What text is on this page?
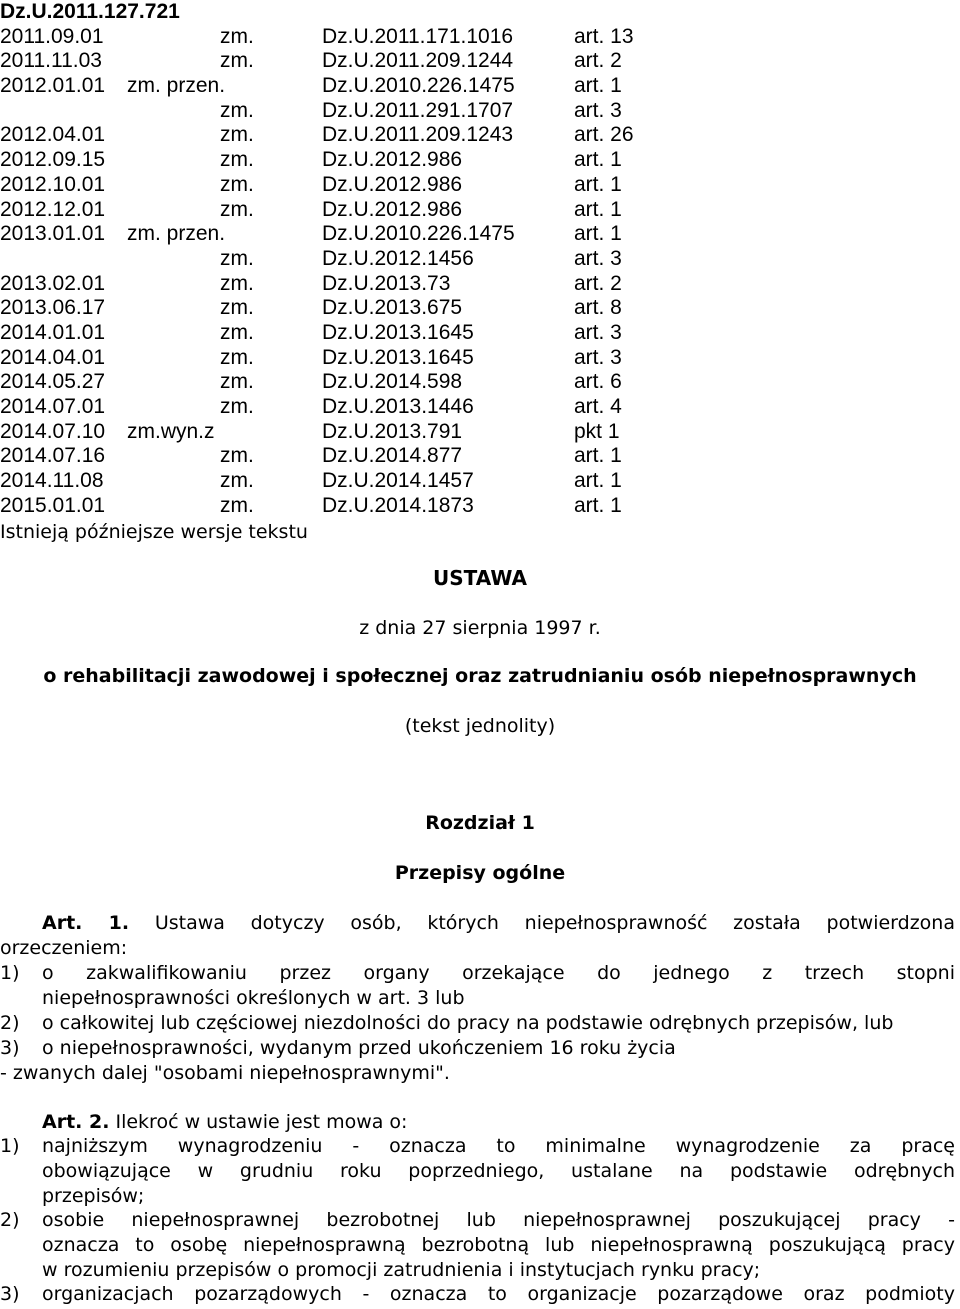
Dz.U.2011.127.721
2011.09.01	zm.	Dz.U.2011.171.1016	art. 13
2011.11.03	zm.	Dz.U.2011.209.1244	art. 2
2012.01.01 zm. przen.	Dz.U.2010.226.1475	art. 1
zm.	Dz.U.2011.291.1707	art. 3
2012.04.01	zm.	Dz.U.2011.209.1243	art. 26
2012.09.15	zm.	Dz.U.2012.986	art. 1
2012.10.01	zm.	Dz.U.2012.986	art. 1
2012.12.01	zm.	Dz.U.2012.986	art. 1
2013.01.01 zm. przen.	Dz.U.2010.226.1475	art. 1
zm.	Dz.U.2012.1456	art. 3
2013.02.01	zm.	Dz.U.2013.73	art. 2
2013.06.17	zm.	Dz.U.2013.675	art. 8
2014.01.01	zm.	Dz.U.2013.1645	art. 3
2014.04.01	zm.	Dz.U.2013.1645	art. 3
2014.05.27	zm.	Dz.U.2014.598	art. 6
2014.07.01	zm.	Dz.U.2013.1446	art. 4
2014.07.10 zm.wyn.z	Dz.U.2013.791	pkt 1
2014.07.16	zm.	Dz.U.2014.877	art. 1
2014.11.08	zm.	Dz.U.2014.1457	art. 1
2015.01.01	zm.	Dz.U.2014.1873	art. 1
Istnieją późniejsze wersje tekstu
USTAWA
z dnia 27 sierpnia 1997 r.
o rehabilitacji zawodowej i społecznej oraz zatrudnianiu osób niepełnosprawnych
(tekst jednolity)
Rozdział 1
Przepisy ogólne
Art. 1. Ustawa dotyczy osób, których niepełnosprawność została potwierdzona
orzeczeniem:
1) o zakwalifikowaniu przez organy orzekające do jednego z trzech stopni
niepełnosprawności określonych w art. 3 lub
2) o całkowitej lub częściowej niezdolności do pracy na podstawie odrębnych przepisów, lub
3) o niepełnosprawności, wydanym przed ukończeniem 16 roku życia
- zwanych dalej "osobami niepełnosprawnymi".
Art. 2. Ilekroć w ustawie jest mowa o:
1) najniższym wynagrodzeniu - oznacza to minimalne wynagrodzenie za pracę
obowiązujące w grudniu roku poprzedniego, ustalane na podstawie odrębnych
przepisów;
2) osobie niepełnosprawnej bezrobotnej lub niepełnosprawnej poszukującej pracy -
oznacza to osobę niepełnosprawną bezrobotną lub niepełnosprawną poszukującą pracy
w rozumieniu przepisów o promocji zatrudnienia i instytucjach rynku pracy;
3) organizacjach pozarządowych - oznacza to organizacje pozarządowe oraz podmioty
